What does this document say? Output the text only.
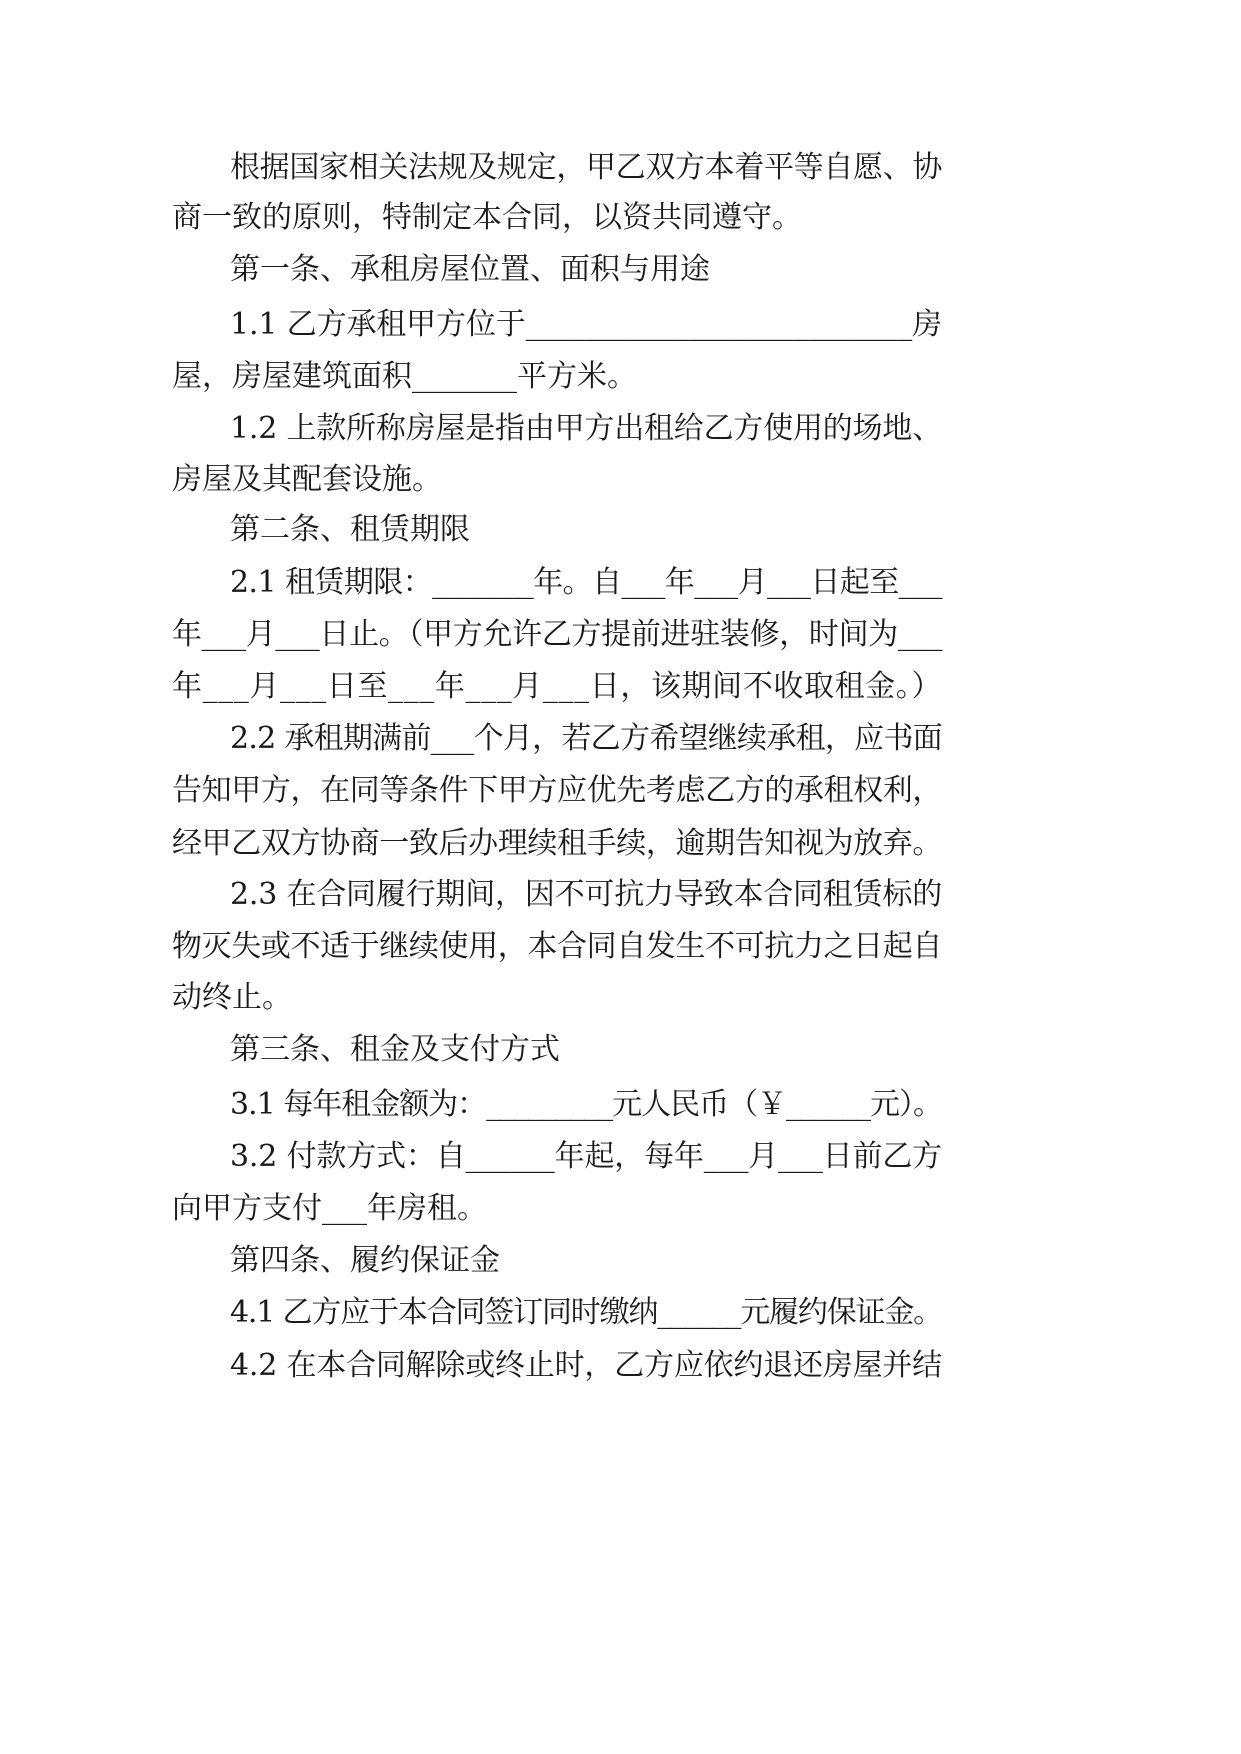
根据国家相关法规及规定，甲乙双方本着平等自愿、协

商一致的原则，特制定本合同，以资共同遵守。

第一条、承租房屋位置、面积与用途

1.1 乙方承租甲方位于__________________________房

屋，房屋建筑面积_______平方米。

1.2 上款所称房屋是指由甲方出租给乙方使用的场地、

房屋及其配套设施。

第二条、租赁期限

2.1 租赁期限：_______年。自___年___月___日起至___

年___月___日止。（甲方允许乙方提前进驻装修，时间为___

年___月___日至___年___月___日，该期间不收取租金。）

2.2 承租期满前___个月，若乙方希望继续承租，应书面

告知甲方，在同等条件下甲方应优先考虑乙方的承租权利，

经甲乙双方协商一致后办理续租手续，逾期告知视为放弃。

2.3 在合同履行期间，因不可抗力导致本合同租赁标的

物灭失或不适于继续使用，本合同自发生不可抗力之日起自

动终止。

第三条、租金及支付方式

3.1 每年租金额为：_________元人民币（￥______元）。

3.2 付款方式：自______年起，每年___月___日前乙方

向甲方支付___年房租。

第四条、履约保证金

4.1 乙方应于本合同签订同时缴纳______元履约保证金。

4.2 在本合同解除或终止时，乙方应依约退还房屋并结
